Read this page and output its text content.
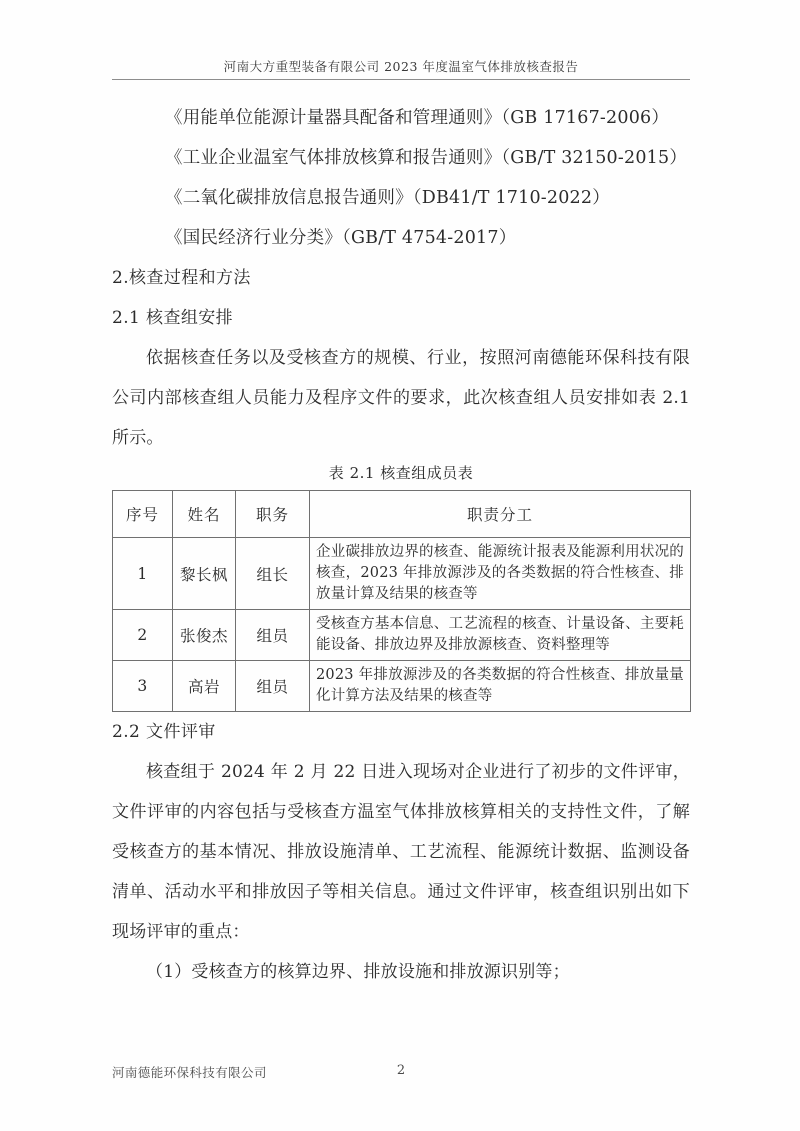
河南大方重型装备有限公司 2023 年度温室气体排放核查报告
《用能单位能源计量器具配备和管理通则》（GB 17167-2006）
《工业企业温室气体排放核算和报告通则》（GB/T 32150-2015）
《二氧化碳排放信息报告通则》（DB41/T 1710-2022）
《国民经济行业分类》（GB/T 4754-2017）
2.核查过程和方法
2.1 核查组安排
依据核查任务以及受核查方的规模、行业，按照河南德能环保科技有限公司内部核查组人员能力及程序文件的要求，此次核查组人员安排如表 2.1 所示。
表 2.1 核查组成员表
序号	姓名	职务	职责分工
1	黎长枫	组长	企业碳排放边界的核查、能源统计报表及能源利用状况的核查，2023 年排放源涉及的各类数据的符合性核查、排放量计算及结果的核查等
2	张俊杰	组员	受核查方基本信息、工艺流程的核查、计量设备、主要耗能设备、排放边界及排放源核查、资料整理等
3	高岩	组员	2023 年排放源涉及的各类数据的符合性核查、排放量量化计算方法及结果的核查等
2.2 文件评审
核查组于 2024 年 2 月 22 日进入现场对企业进行了初步的文件评审，文件评审的内容包括与受核查方温室气体排放核算相关的支持性文件，了解受核查方的基本情况、排放设施清单、工艺流程、能源统计数据、监测设备清单、活动水平和排放因子等相关信息。通过文件评审，核查组识别出如下现场评审的重点：
（1）受核查方的核算边界、排放设施和排放源识别等；
河南德能环保科技有限公司	2
